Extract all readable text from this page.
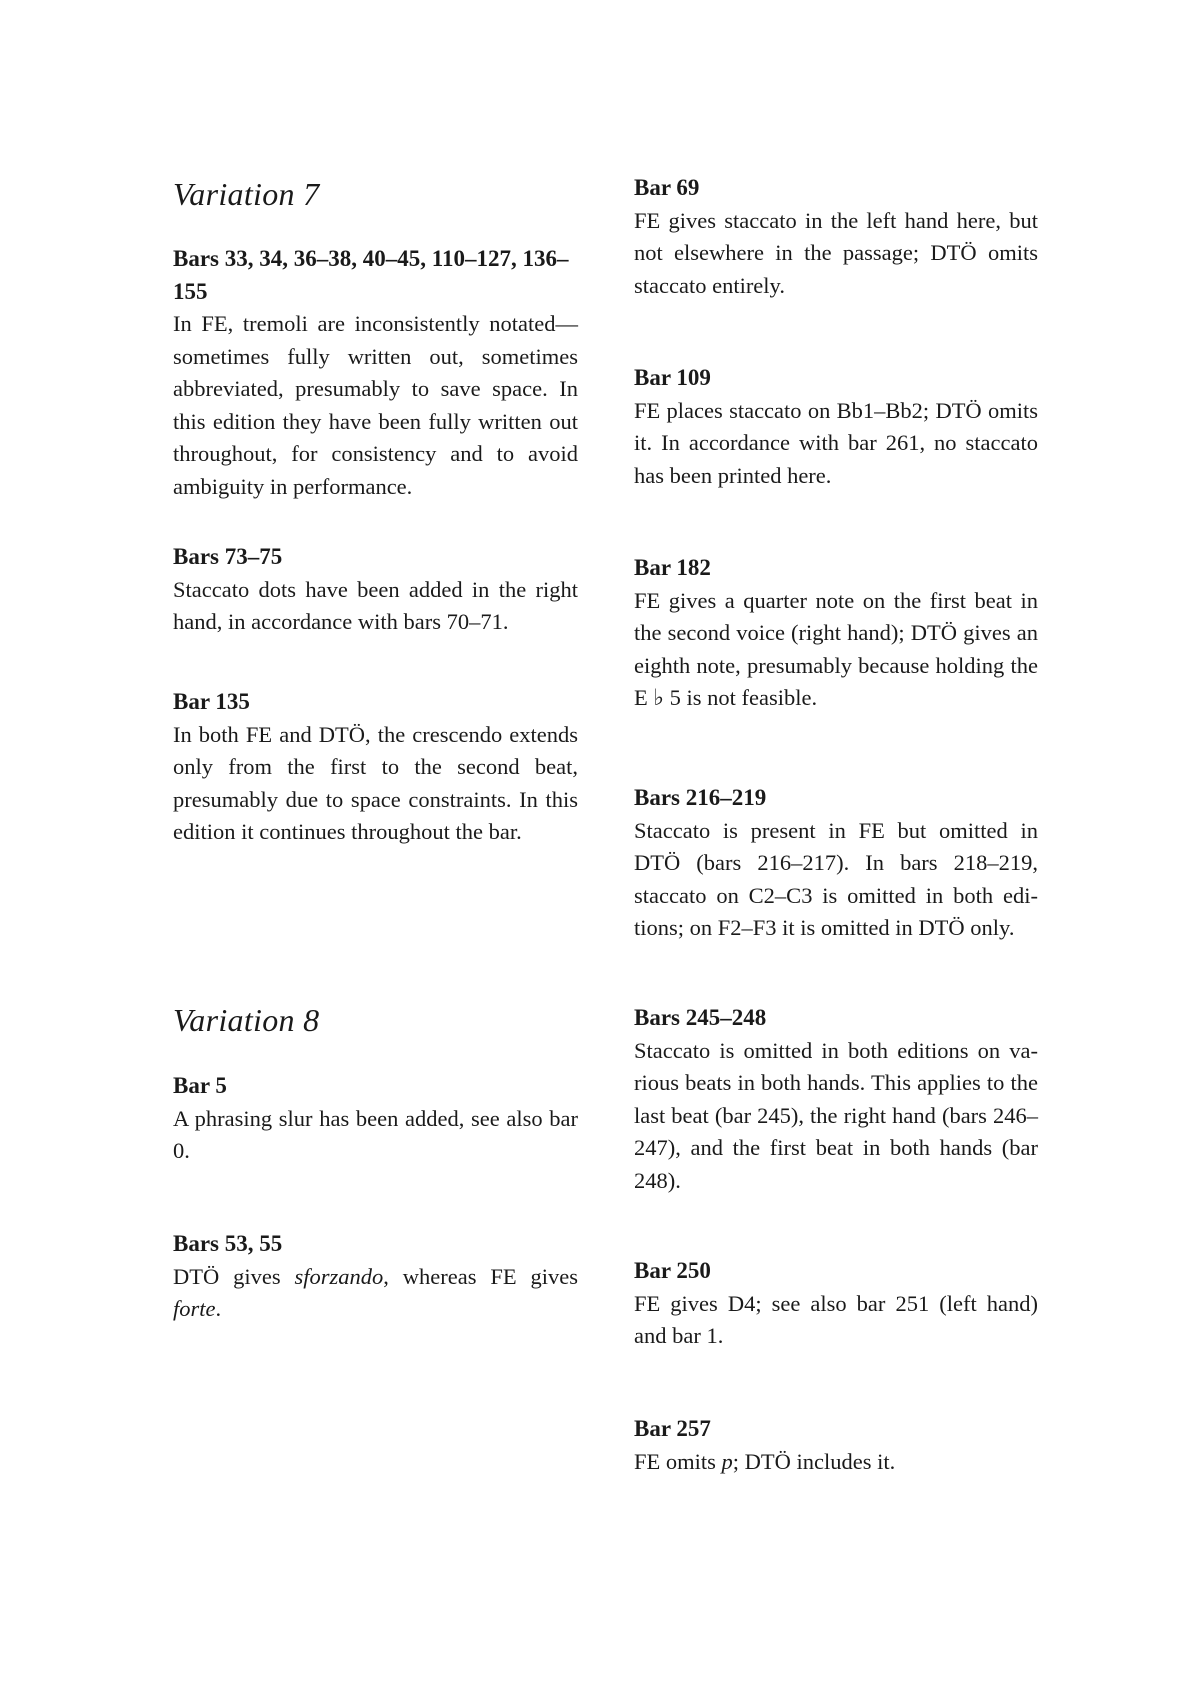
Variation 7
Bars 33, 34, 36–38, 40–45, 110–127, 136–155
In FE, tremoli are inconsistently notated—sometimes fully written out, sometimes abbreviated, presumably to save space. In this edition they have been fully written out throughout, for consistency and to avoid ambiguity in performance.
Bars 73–75
Staccato dots have been added in the right hand, in accordance with bars 70–71.
Bar 135
In both FE and DTÖ, the crescendo extends only from the first to the second beat, presumably due to space constraints. In this edition it continues throughout the bar.
Variation 8
Bar 5
A phrasing slur has been added, see also bar 0.
Bars 53, 55
DTÖ gives sforzando, whereas FE gives forte.
Bar 69
FE gives staccato in the left hand here, but not elsewhere in the passage; DTÖ omits staccato entirely.
Bar 109
FE places staccato on Bb1–Bb2; DTÖ omits it. In accordance with bar 261, no staccato has been printed here.
Bar 182
FE gives a quarter note on the first beat in the second voice (right hand); DTÖ gives an eighth note, presumably because holding the E ♭ 5 is not feasible.
Bars 216–219
Staccato is present in FE but omitted in DTÖ (bars 216–217). In bars 218–219, staccato on C2–C3 is omitted in both editions; on F2–F3 it is omitted in DTÖ only.
Bars 245–248
Staccato is omitted in both editions on various beats in both hands. This applies to the last beat (bar 245), the right hand (bars 246–247), and the first beat in both hands (bar 248).
Bar 250
FE gives D4; see also bar 251 (left hand) and bar 1.
Bar 257
FE omits p; DTÖ includes it.
